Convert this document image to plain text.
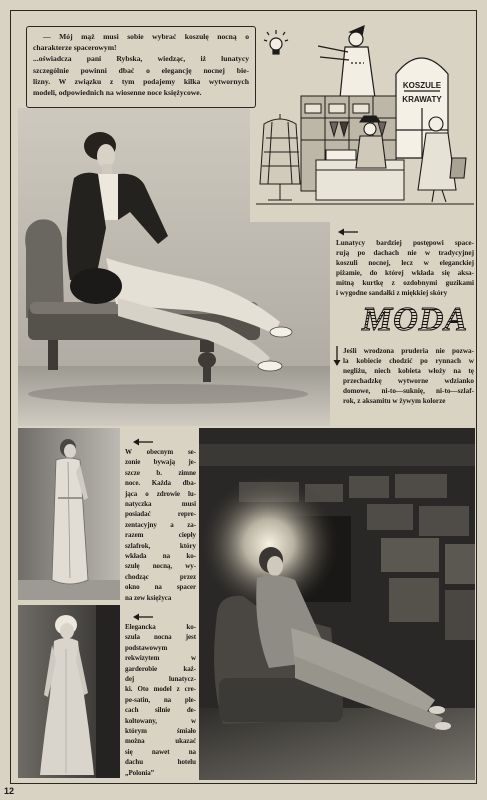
— Mój mąż musi sobie wybrać koszulę nocną o
charakterze spacerowym!
...oświadcza pani Rybska, wiedząc, iż lunatycy
szczególnie powinni dbać o elegancję nocnej bie-
lizny. W związku z tym podajemy kilka wytwornych
modeli, odpowiednich na wiosenne noce księżycowe.
KOSZULE
KRAWATY
Lunatycy bardziej postępowi space-
rują po dachach nie w tradycyjnej
koszuli nocnej, lecz w eleganckiej
piżamie, do której wkłada się aksa-
mitną kurtkę z ozdobnymi guzikami
i wygodne sandałki z miękkiej skóry
MODA
Jeśli wrodzona pruderia nie pozwa-
la kobiecie chodzić po rynnach w
negliżu, niech kobieta włoży na tę
przechadzkę wytworne wdzianko
domowe, ni-to—suknię, ni-to—szlaf-
rok, z aksamitu w żywym kolorze
W obecnym se-
zonie bywają je-
szcze b. zimne
noce. Każda dba-
jąca o zdrowie lu-
natyczka musi
posiadać repre-
zentacyjny a za-
razem ciepły
szlafrok, który
wkłada na ko-
szulę nocną, wy-
chodząc przez
okno na spacer
na zew księżyca
Elegancka ko-
szula nocna jest
podstawowym
rekwizytem w
garderobie każ-
dej lunatycz-
ki. Oto model z cre-
pe-satin, na ple-
cach silnie de-
koltowany, w
którym śmiało
można ukazać
się nawet na
dachu hotelu
„Polonia”
12
